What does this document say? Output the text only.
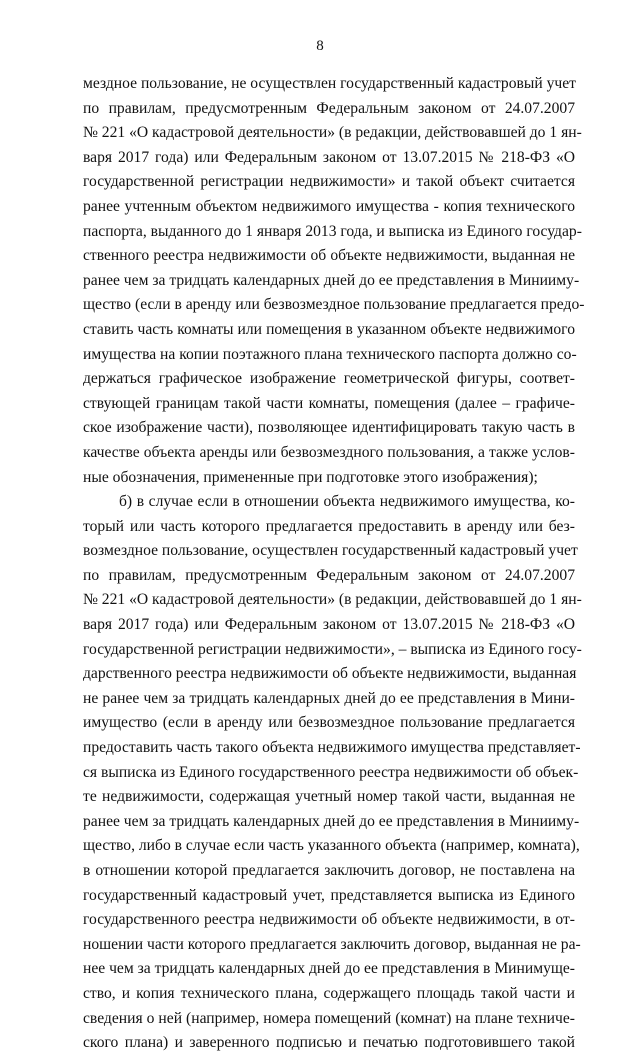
8
мездное пользование, не осуществлен государственный кадастровый учет
по правилам, предусмотренным Федеральным законом от 24.07.2007
№ 221 «О кадастровой деятельности» (в редакции, действовавшей до 1 ян-
варя 2017 года) или Федеральным законом от 13.07.2015 № 218-ФЗ «О
государственной регистрации недвижимости» и такой объект считается
ранее учтенным объектом недвижимого имущества - копия технического
паспорта, выданного до 1 января 2013 года, и выписка из Единого государ-
ственного реестра недвижимости об объекте недвижимости, выданная не
ранее чем за тридцать календарных дней до ее представления в Минииму-
щество (если в аренду или безвозмездное пользование предлагается предо-
ставить часть комнаты или помещения в указанном объекте недвижимого
имущества на копии поэтажного плана технического паспорта должно со-
держаться графическое изображение геометрической фигуры, соответ-
ствующей границам такой части комнаты, помещения (далее – графиче-
ское изображение части), позволяющее идентифицировать такую часть в
качестве объекта аренды или безвозмездного пользования, а также услов-
ные обозначения, примененные при подготовке этого изображения);
б) в случае если в отношении объекта недвижимого имущества, ко-
торый или часть которого предлагается предоставить в аренду или без-
возмездное пользование, осуществлен государственный кадастровый учет
по правилам, предусмотренным Федеральным законом от 24.07.2007
№ 221 «О кадастровой деятельности» (в редакции, действовавшей до 1 ян-
варя 2017 года) или Федеральным законом от 13.07.2015 № 218-ФЗ «О
государственной регистрации недвижимости», – выписка из Единого госу-
дарственного реестра недвижимости об объекте недвижимости, выданная
не ранее чем за тридцать календарных дней до ее представления в Мини-
имущество (если в аренду или безвозмездное пользование предлагается
предоставить часть такого объекта недвижимого имущества представляет-
ся выписка из Единого государственного реестра недвижимости об объек-
те недвижимости, содержащая учетный номер такой части, выданная не
ранее чем за тридцать календарных дней до ее представления в Минииму-
щество, либо в случае если часть указанного объекта (например, комната),
в отношении которой предлагается заключить договор, не поставлена на
государственный кадастровый учет, представляется выписка из Единого
государственного реестра недвижимости об объекте недвижимости, в от-
ношении части которого предлагается заключить договор, выданная не ра-
нее чем за тридцать календарных дней до ее представления в Минимуще-
ство, и копия технического плана, содержащего площадь такой части и
сведения о ней (например, номера помещений (комнат) на плане техниче-
ского плана) и заверенного подписью и печатью подготовившего такой
